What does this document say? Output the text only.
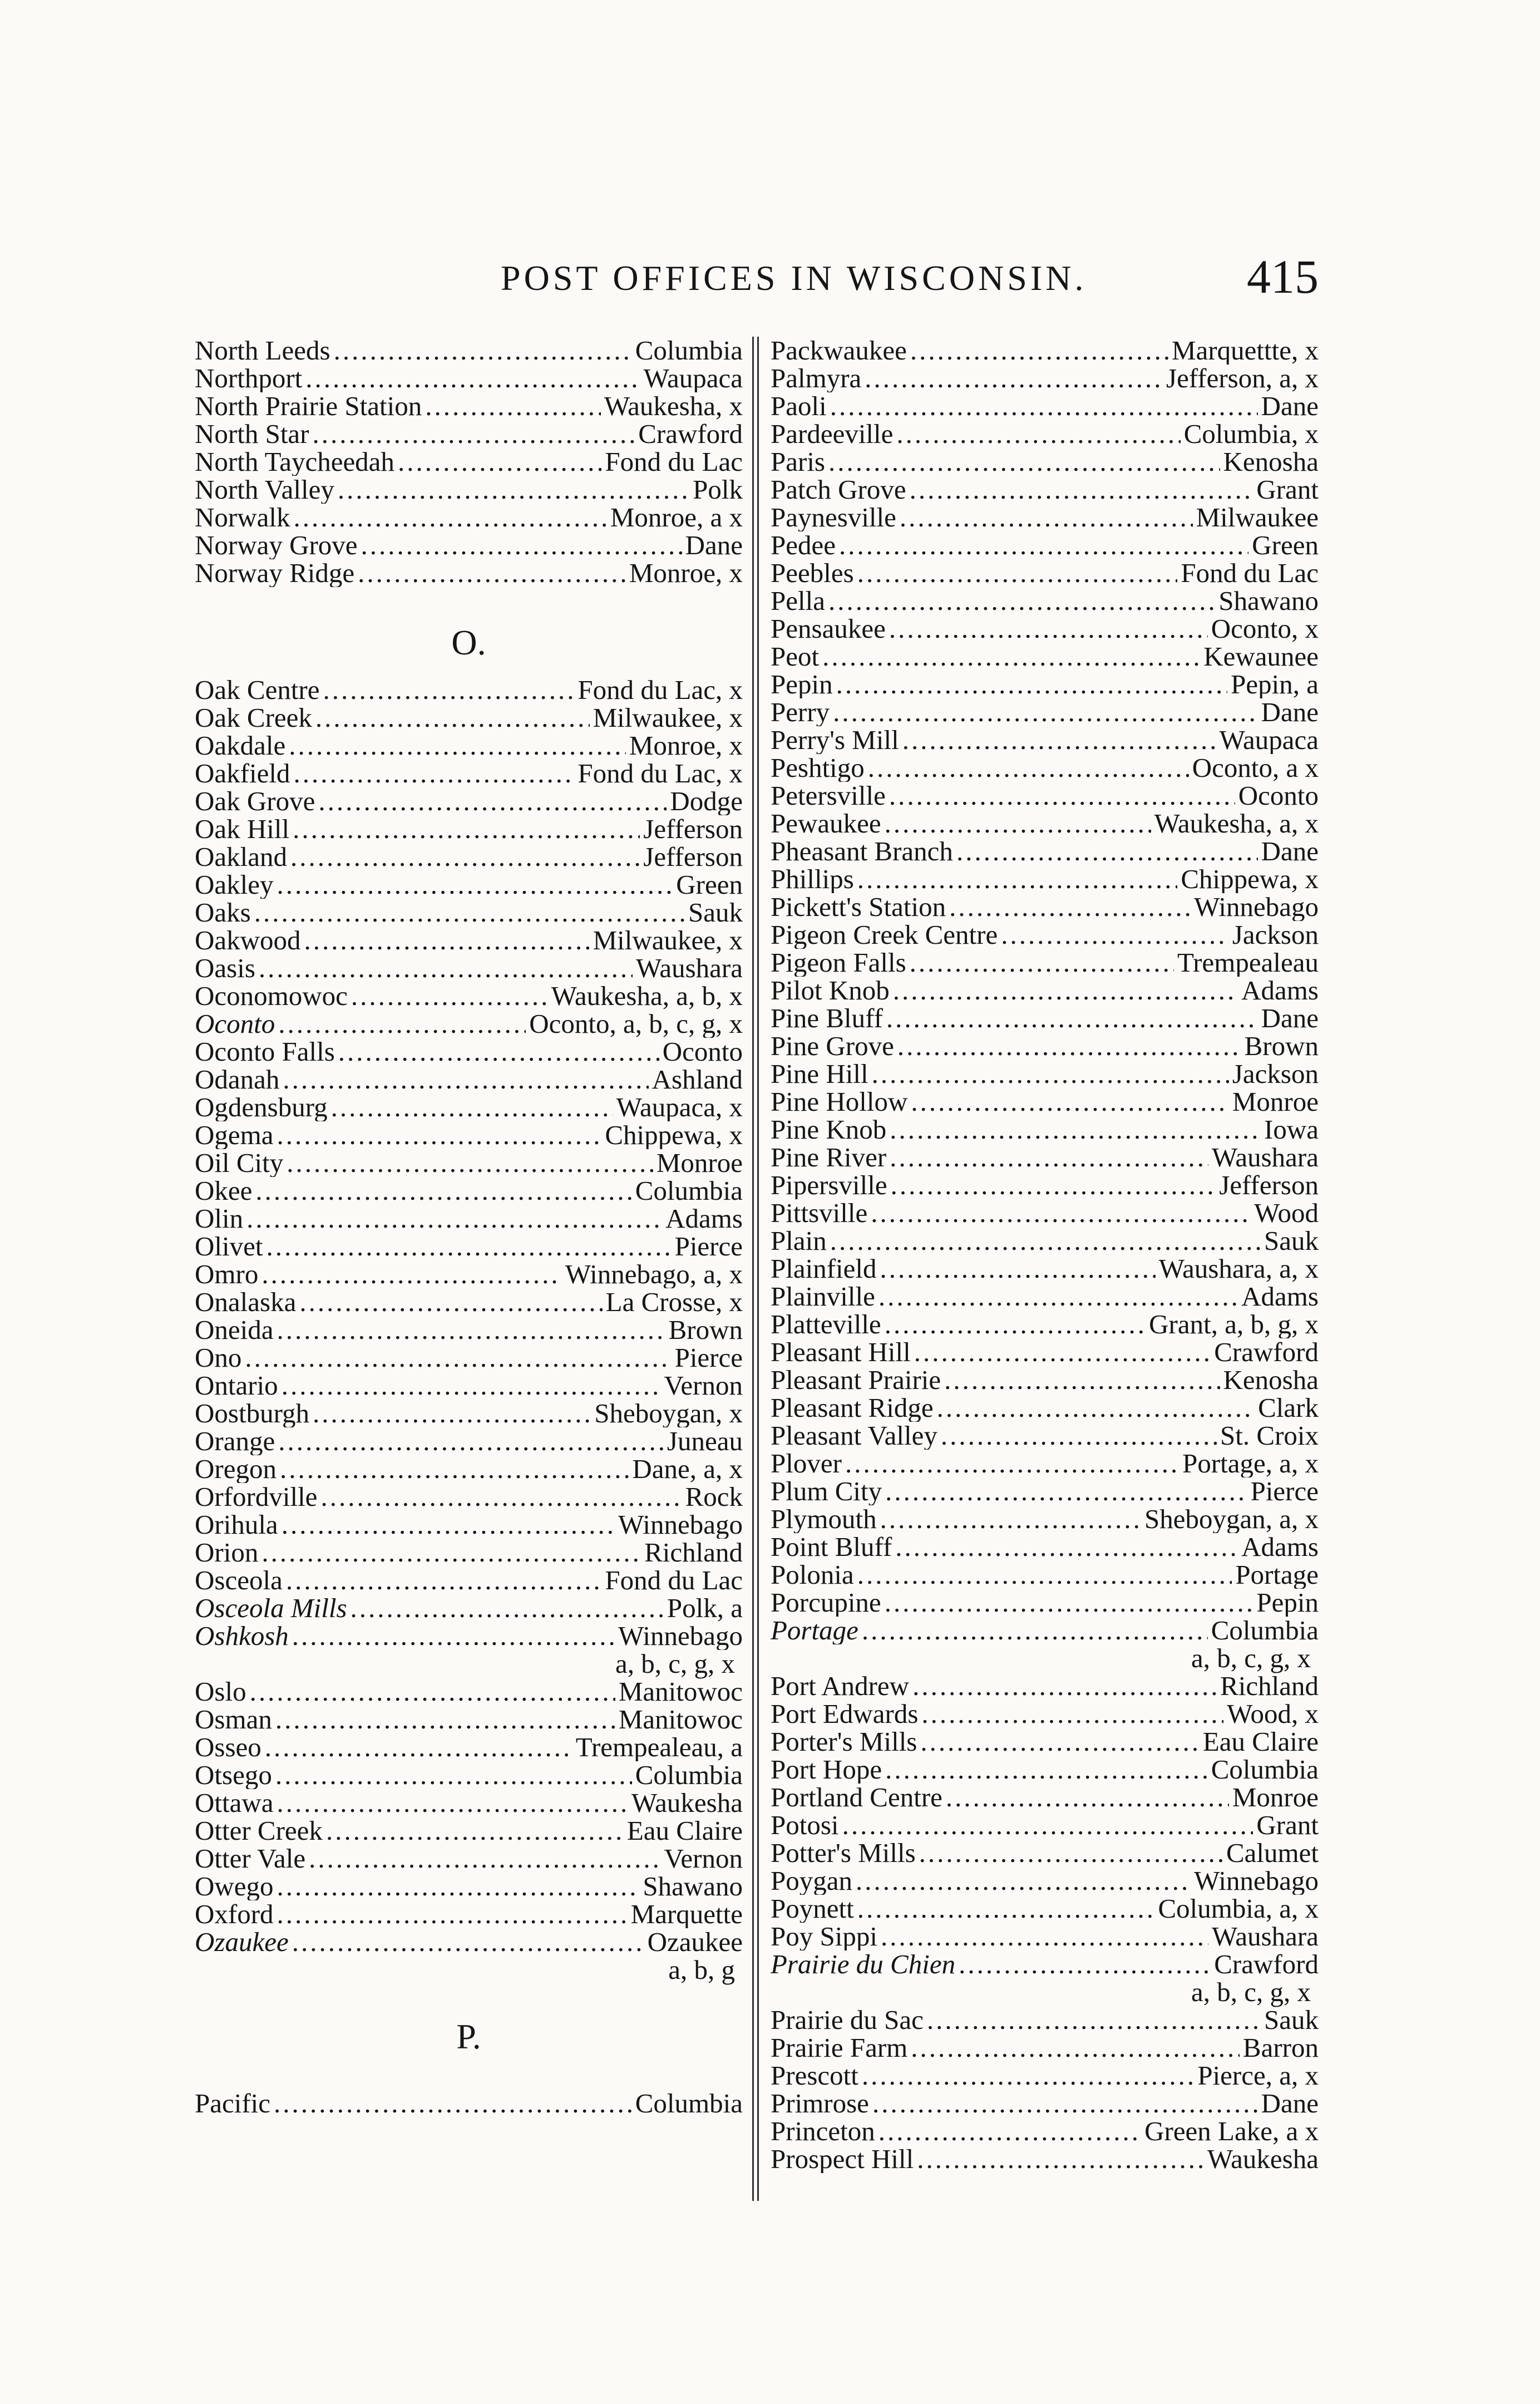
POST OFFICES IN WISCONSIN.	415
North Leeds .....	Columbia
Northport .....	Waupaca
North Prairie Station .....	Waukesha, x
North Star .....	Crawford
North Taycheedah .....	Fond du Lac
North Valley .....	Polk
Norwalk .....	Monroe, a x
Norway Grove .....	Dane
Norway Ridge .....	Monroe, x
O.
Oak Centre .....	Fond du Lac, x
Oak Creek .....	Milwaukee, x
Oakdale .....	Monroe, x
Oakfield .....	Fond du Lac, x
Oak Grove .....	Dodge
Oak Hill .....	Jefferson
Oakland .....	Jefferson
Oakley .....	Green
Oaks .....	Sauk
Oakwood .....	Milwaukee, x
Oasis .....	Waushara
Oconomowoc .....	Waukesha, a, b, x
Oconto .....	Oconto, a, b, c, g, x
Oconto Falls .....	Oconto
Odanah .....	Ashland
Ogdensburg .....	Waupaca, x
Ogema .....	Chippewa, x
Oil City .....	Monroe
Okee .....	Columbia
Olin .....	Adams
Olivet .....	Pierce
Omro .....	Winnebago, a, x
Onalaska .....	La Crosse, x
Oneida .....	Brown
Ono .....	Pierce
Ontario .....	Vernon
Oostburgh .....	Sheboygan, x
Orange .....	Juneau
Oregon .....	Dane, a, x
Orfordville .....	Rock
Orihula .....	Winnebago
Orion .....	Richland
Osceola .....	Fond du Lac
Osceola Mills .....	Polk, a
Oshkosh .....	Winnebago
a, b, c, g, x
Oslo .....	Manitowoc
Osman .....	Manitowoc
Osseo .....	Trempealeau, a
Otsego .....	Columbia
Ottawa .....	Waukesha
Otter Creek .....	Eau Claire
Otter Vale .....	Vernon
Owego .....	Shawano
Oxford .....	Marquette
Ozaukee .....	Ozaukee
a, b, g
P.
Pacific .....	Columbia
Packwaukee .....	Marquettte, x
Palmyra .....	Jefferson, a, x
Paoli .....	Dane
Pardeeville .....	Columbia, x
Paris .....	Kenosha
Patch Grove .....	Grant
Paynesville .....	Milwaukee
Pedee .....	Green
Peebles .....	Fond du Lac
Pella .....	Shawano
Pensaukee .....	Oconto, x
Peot .....	Kewaunee
Pepin .....	Pepin, a
Perry .....	Dane
Perry's Mill .....	Waupaca
Peshtigo .....	Oconto, a x
Petersville .....	Oconto
Pewaukee .....	Waukesha, a, x
Pheasant Branch .....	Dane
Phillips .....	Chippewa, x
Pickett's Station .....	Winnebago
Pigeon Creek Centre .....	Jackson
Pigeon Falls .....	Trempealeau
Pilot Knob .....	Adams
Pine Bluff .....	Dane
Pine Grove .....	Brown
Pine Hill .....	Jackson
Pine Hollow .....	Monroe
Pine Knob .....	Iowa
Pine River .....	Waushara
Pipersville .....	Jefferson
Pittsville .....	Wood
Plain .....	Sauk
Plainfield .....	Waushara, a, x
Plainville .....	Adams
Platteville .....	Grant, a, b, g, x
Pleasant Hill .....	Crawford
Pleasant Prairie .....	Kenosha
Pleasant Ridge .....	Clark
Pleasant Valley .....	St. Croix
Plover .....	Portage, a, x
Plum City .....	Pierce
Plymouth .....	Sheboygan, a, x
Point Bluff .....	Adams
Polonia .....	Portage
Porcupine .....	Pepin
Portage .....	Columbia
a, b, c, g, x
Port Andrew .....	Richland
Port Edwards .....	Wood, x
Porter's Mills .....	Eau Claire
Port Hope .....	Columbia
Portland Centre .....	Monroe
Potosi .....	Grant
Potter's Mills .....	Calumet
Poygan .....	Winnebago
Poynett .....	Columbia, a, x
Poy Sippi .....	Waushara
Prairie du Chien .....	Crawford
a, b, c, g, x
Prairie du Sac .....	Sauk
Prairie Farm .....	Barron
Prescott .....	Pierce, a, x
Primrose .....	Dane
Princeton .....	Green Lake, a x
Prospect Hill .....	Waukesha
